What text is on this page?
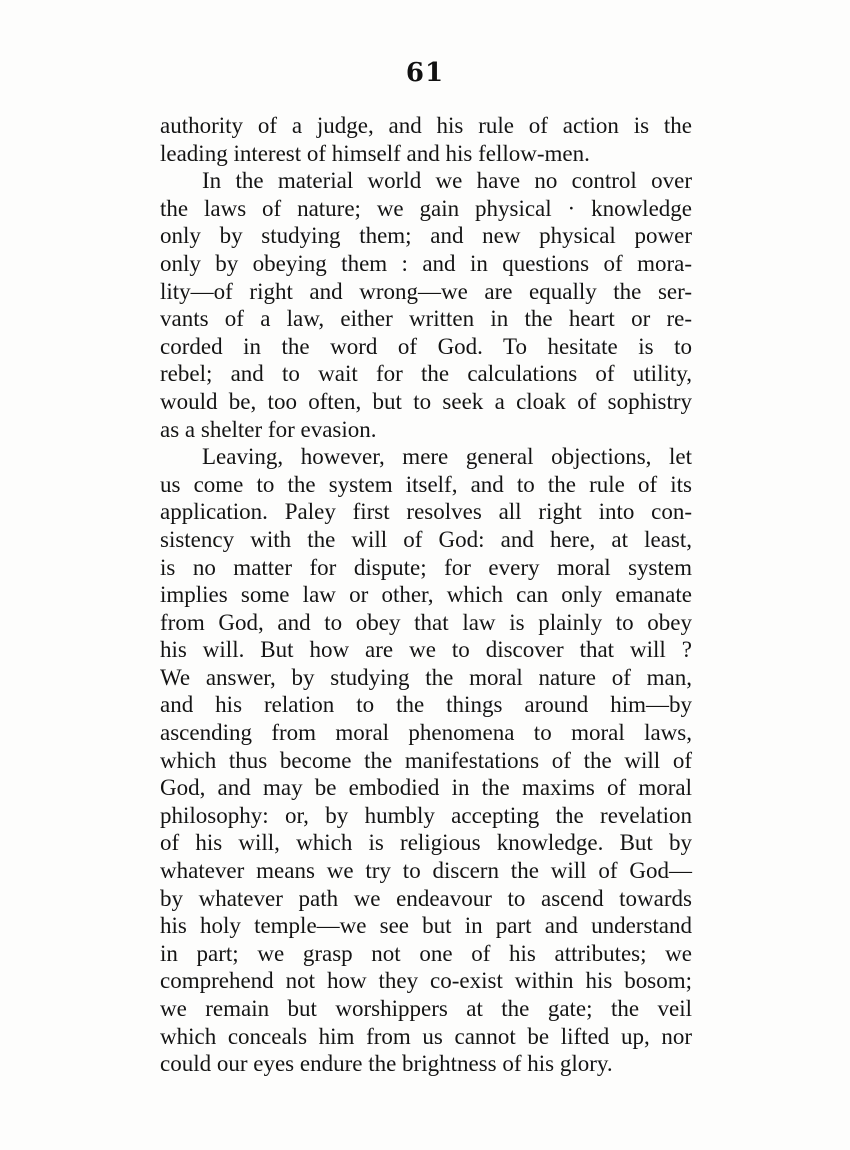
61
authority of a judge, and his rule of action is the
leading interest of himself and his fellow-men.
In the material world we have no control over
the laws of nature; we gain physical · knowledge
only by studying them; and new physical power
only by obeying them : and in questions of mora-
lity—of right and wrong—we are equally the ser-
vants of a law, either written in the heart or re-
corded in the word of God. To hesitate is to
rebel; and to wait for the calculations of utility,
would be, too often, but to seek a cloak of sophistry
as a shelter for evasion.
Leaving, however, mere general objections, let
us come to the system itself, and to the rule of its
application. Paley first resolves all right into con-
sistency with the will of God: and here, at least,
is no matter for dispute; for every moral system
implies some law or other, which can only emanate
from God, and to obey that law is plainly to obey
his will. But how are we to discover that will ?
We answer, by studying the moral nature of man,
and his relation to the things around him—by
ascending from moral phenomena to moral laws,
which thus become the manifestations of the will of
God, and may be embodied in the maxims of moral
philosophy: or, by humbly accepting the revelation
of his will, which is religious knowledge. But by
whatever means we try to discern the will of God—
by whatever path we endeavour to ascend towards
his holy temple—we see but in part and understand
in part; we grasp not one of his attributes; we
comprehend not how they co-exist within his bosom;
we remain but worshippers at the gate; the veil
which conceals him from us cannot be lifted up, nor
could our eyes endure the brightness of his glory.
